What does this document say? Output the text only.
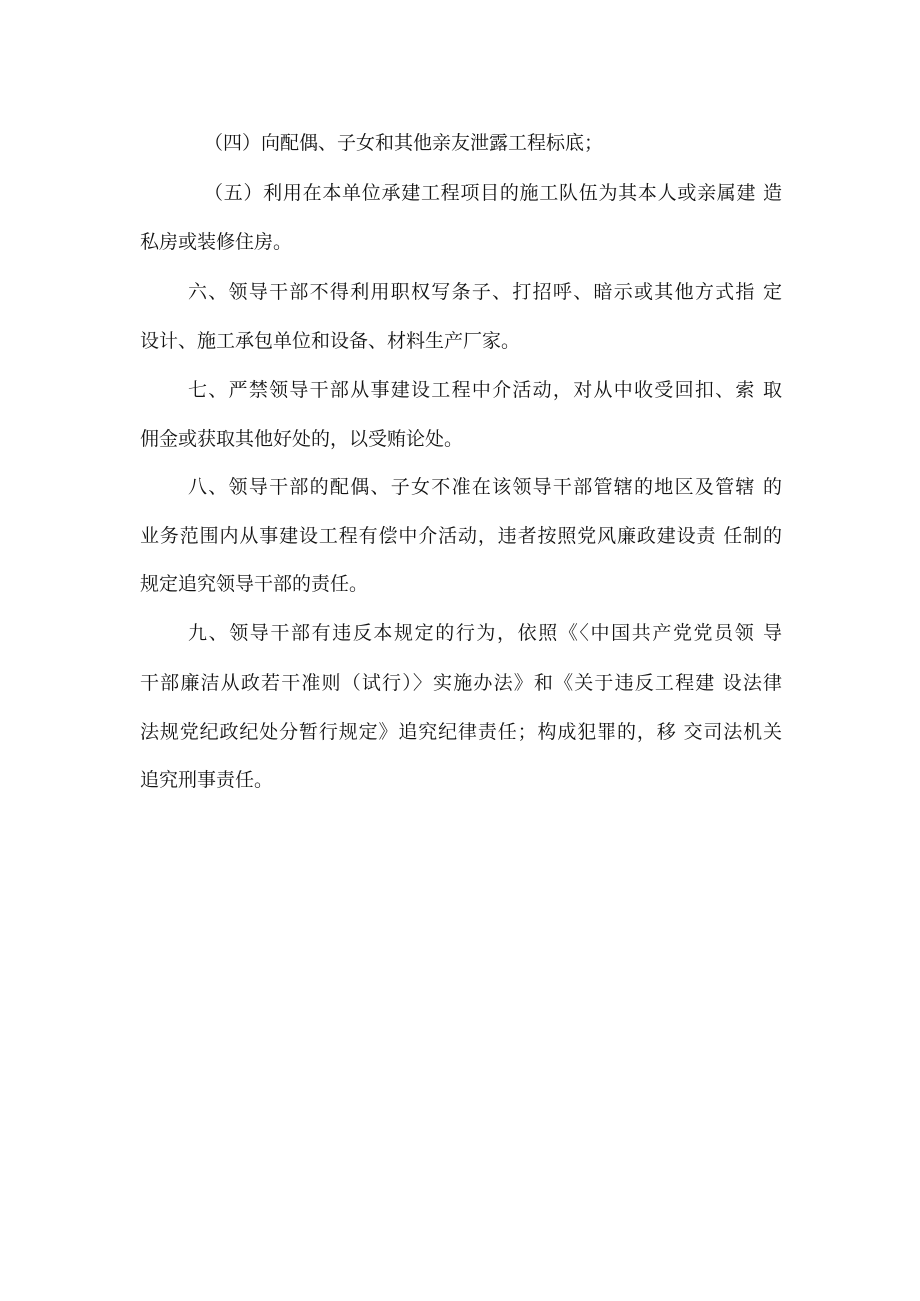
（四）向配偶、子女和其他亲友泄露工程标底；
（五）利用在本单位承建工程项目的施工队伍为其本人或亲属建 造
私房或装修住房。
六、领导干部不得利用职权写条子、打招呼、暗示或其他方式指 定
设计、施工承包单位和设备、材料生产厂家。
七、严禁领导干部从事建设工程中介活动，对从中收受回扣、索 取
佣金或获取其他好处的，以受贿论处。
八、领导干部的配偶、子女不准在该领导干部管辖的地区及管辖 的
业务范围内从事建设工程有偿中介活动，违者按照党风廉政建设责 任制的
规定追究领导干部的责任。
九、领导干部有违反本规定的行为，依照《〈中国共产党党员领 导
干部廉洁从政若干准则（试行）〉实施办法》和《关于违反工程建 设法律
法规党纪政纪处分暂行规定》追究纪律责任；构成犯罪的，移 交司法机关
追究刑事责任。
